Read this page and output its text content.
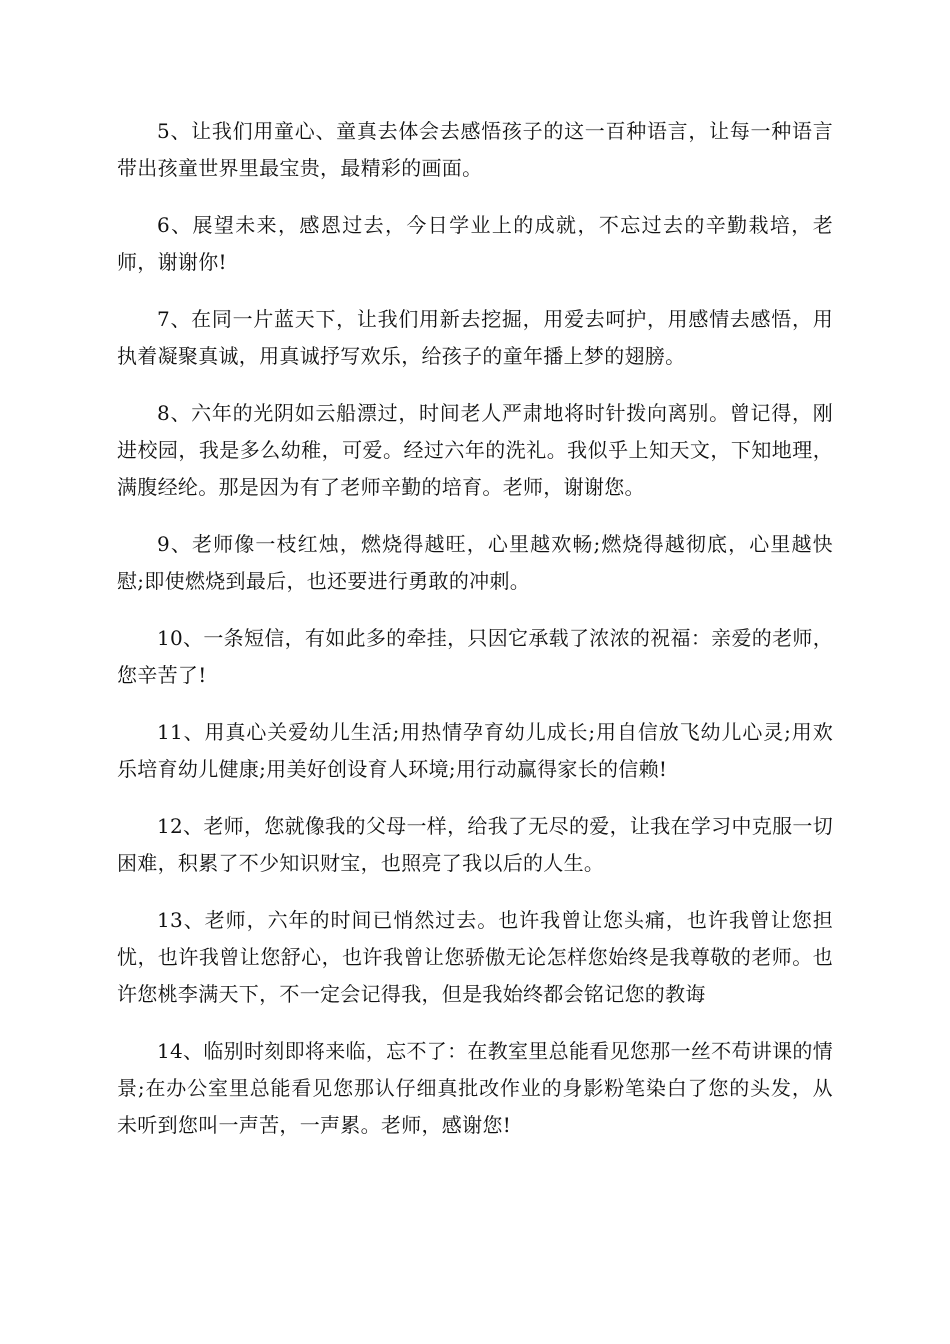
5、让我们用童心、童真去体会去感悟孩子的这一百种语言，让每一种语言带出孩童世界里最宝贵，最精彩的画面。

6、展望未来，感恩过去，今日学业上的成就，不忘过去的辛勤栽培，老师，谢谢你!

7、在同一片蓝天下，让我们用新去挖掘，用爱去呵护，用感情去感悟，用执着凝聚真诚，用真诚抒写欢乐，给孩子的童年播上梦的翅膀。

8、六年的光阴如云船漂过，时间老人严肃地将时针拨向离别。曾记得，刚进校园，我是多么幼稚，可爱。经过六年的洗礼。我似乎上知天文，下知地理，满腹经纶。那是因为有了老师辛勤的培育。老师，谢谢您。

9、老师像一枝红烛，燃烧得越旺，心里越欢畅;燃烧得越彻底，心里越快慰;即使燃烧到最后，也还要进行勇敢的冲刺。

10、一条短信，有如此多的牵挂，只因它承载了浓浓的祝福：亲爱的老师，您辛苦了!

11、用真心关爱幼儿生活;用热情孕育幼儿成长;用自信放飞幼儿心灵;用欢乐培育幼儿健康;用美好创设育人环境;用行动赢得家长的信赖!

12、老师，您就像我的父母一样，给我了无尽的爱，让我在学习中克服一切困难，积累了不少知识财宝，也照亮了我以后的人生。

13、老师，六年的时间已悄然过去。也许我曾让您头痛，也许我曾让您担忧，也许我曾让您舒心，也许我曾让您骄傲无论怎样您始终是我尊敬的老师。也许您桃李满天下，不一定会记得我，但是我始终都会铭记您的教诲

14、临别时刻即将来临，忘不了：在教室里总能看见您那一丝不苟讲课的情景;在办公室里总能看见您那认仔细真批改作业的身影粉笔染白了您的头发，从未听到您叫一声苦，一声累。老师，感谢您!
